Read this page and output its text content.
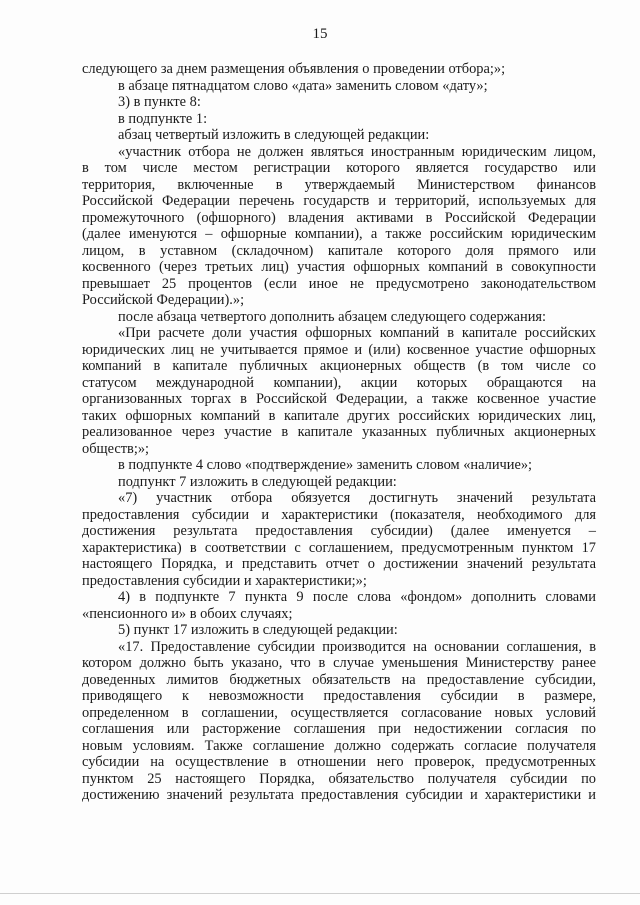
15
следующего за днем размещения объявления о проведении отбора;»;
в абзаце пятнадцатом слово «дата» заменить словом «дату»;
3) в пункте 8:
в подпункте 1:
абзац четвертый изложить в следующей редакции:
«участник отбора не должен являться иностранным юридическим лицом,
в том числе местом регистрации которого является государство или
территория, включенные в утверждаемый Министерством финансов
Российской Федерации перечень государств и территорий, используемых для
промежуточного (офшорного) владения активами в Российской Федерации
(далее именуются – офшорные компании), а также российским юридическим
лицом, в уставном (складочном) капитале которого доля прямого или
косвенного (через третьих лиц) участия офшорных компаний в совокупности
превышает 25 процентов (если иное не предусмотрено законодательством
Российской Федерации).»;
после абзаца четвертого дополнить абзацем следующего содержания:
«При расчете доли участия офшорных компаний в капитале российских
юридических лиц не учитывается прямое и (или) косвенное участие офшорных
компаний в капитале публичных акционерных обществ (в том числе со
статусом международной компании), акции которых обращаются на
организованных торгах в Российской Федерации, а также косвенное участие
таких офшорных компаний в капитале других российских юридических лиц,
реализованное через участие в капитале указанных публичных акционерных
обществ;»;
в подпункте 4 слово «подтверждение» заменить словом «наличие»;
подпункт 7 изложить в следующей редакции:
«7) участник отбора обязуется достигнуть значений результата
предоставления субсидии и характеристики (показателя, необходимого для
достижения результата предоставления субсидии) (далее именуется –
характеристика) в соответствии с соглашением, предусмотренным пунктом 17
настоящего Порядка, и представить отчет о достижении значений результата
предоставления субсидии и характеристики;»;
4) в подпункте 7 пункта 9 после слова «фондом» дополнить словами
«пенсионного и» в обоих случаях;
5) пункт 17 изложить в следующей редакции:
«17. Предоставление субсидии производится на основании соглашения, в
котором должно быть указано, что в случае уменьшения Министерству ранее
доведенных лимитов бюджетных обязательств на предоставление субсидии,
приводящего к невозможности предоставления субсидии в размере,
определенном в соглашении, осуществляется согласование новых условий
соглашения или расторжение соглашения при недостижении согласия по
новым условиям. Также соглашение должно содержать согласие получателя
субсидии на осуществление в отношении него проверок, предусмотренных
пунктом 25 настоящего Порядка, обязательство получателя субсидии по
достижению значений результата предоставления субсидии и характеристики и
